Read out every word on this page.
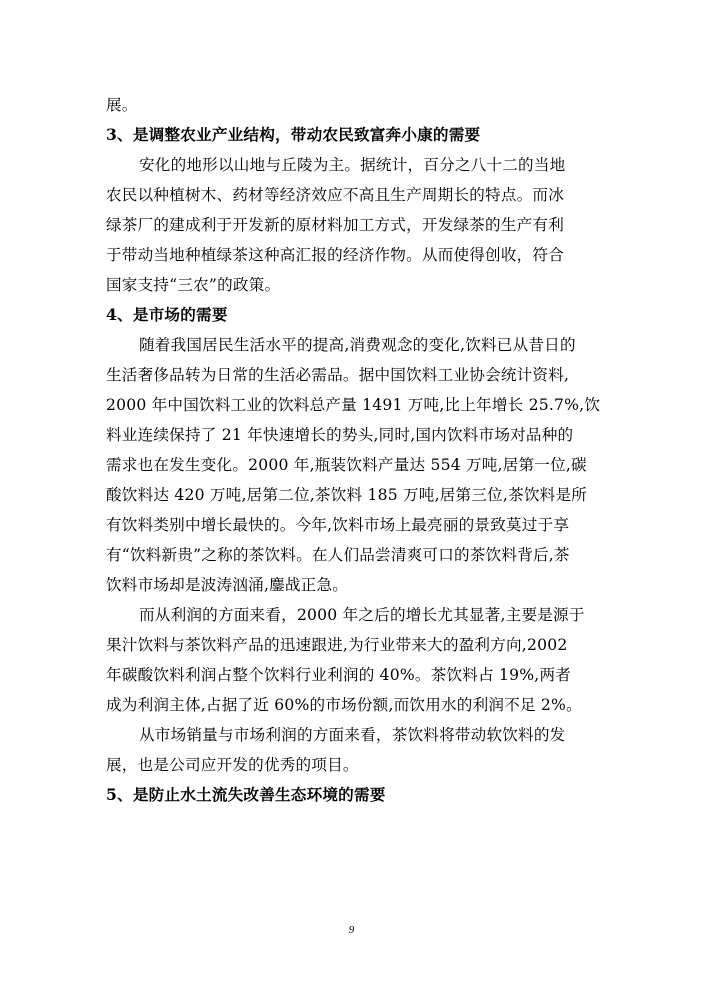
展。
3、是调整农业产业结构，带动农民致富奔小康的需要
安化的地形以山地与丘陵为主。据统计，百分之八十二的当地
农民以种植树木、药材等经济效应不高且生产周期长的特点。而冰
绿茶厂的建成利于开发新的原材料加工方式，开发绿茶的生产有利
于带动当地种植绿茶这种高汇报的经济作物。从而使得创收，符合
国家支持“三农”的政策。
4、是市场的需要
随着我国居民生活水平的提高,消费观念的变化,饮料已从昔日的
生活奢侈品转为日常的生活必需品。据中国饮料工业协会统计资料,
2000 年中国饮料工业的饮料总产量 1491 万吨,比上年增长 25.7%,饮
料业连续保持了 21 年快速增长的势头,同时,国内饮料市场对品种的
需求也在发生变化。2000 年,瓶装饮料产量达 554 万吨,居第一位,碳
酸饮料达 420 万吨,居第二位,茶饮料 185 万吨,居第三位,茶饮料是所
有饮料类别中增长最快的。今年,饮料市场上最亮丽的景致莫过于享
有“饮料新贵”之称的茶饮料。在人们品尝清爽可口的茶饮料背后,茶
饮料市场却是波涛汹涌,鏖战正急。
而从利润的方面来看，2000 年之后的增长尤其显著,主要是源于
果汁饮料与茶饮料产品的迅速跟进,为行业带来大的盈利方向,2002
年碳酸饮料利润占整个饮料行业利润的 40%。茶饮料占 19%,两者
成为利润主体,占据了近 60%的市场份额,而饮用水的利润不足 2%。
从市场销量与市场利润的方面来看，茶饮料将带动软饮料的发
展，也是公司应开发的优秀的项目。
5、是防止水土流失改善生态环境的需要
9
